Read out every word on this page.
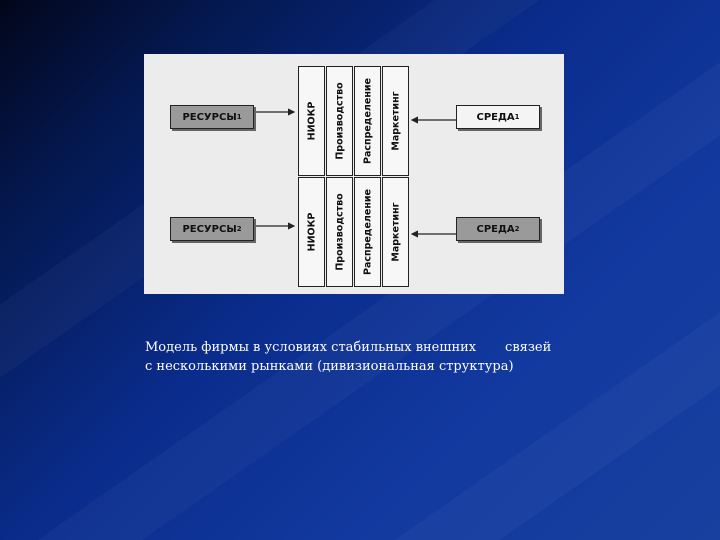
РЕСУРСЫ 1
РЕСУРСЫ 2
СРЕДА 1
СРЕДА 2
НИОКР Производство Распределение Маркетинг
НИОКР Производство Распределение Маркетинг
Модель фирмы в условиях стабильных внешних       связей
с несколькими рынками (дивизиональная структура)
